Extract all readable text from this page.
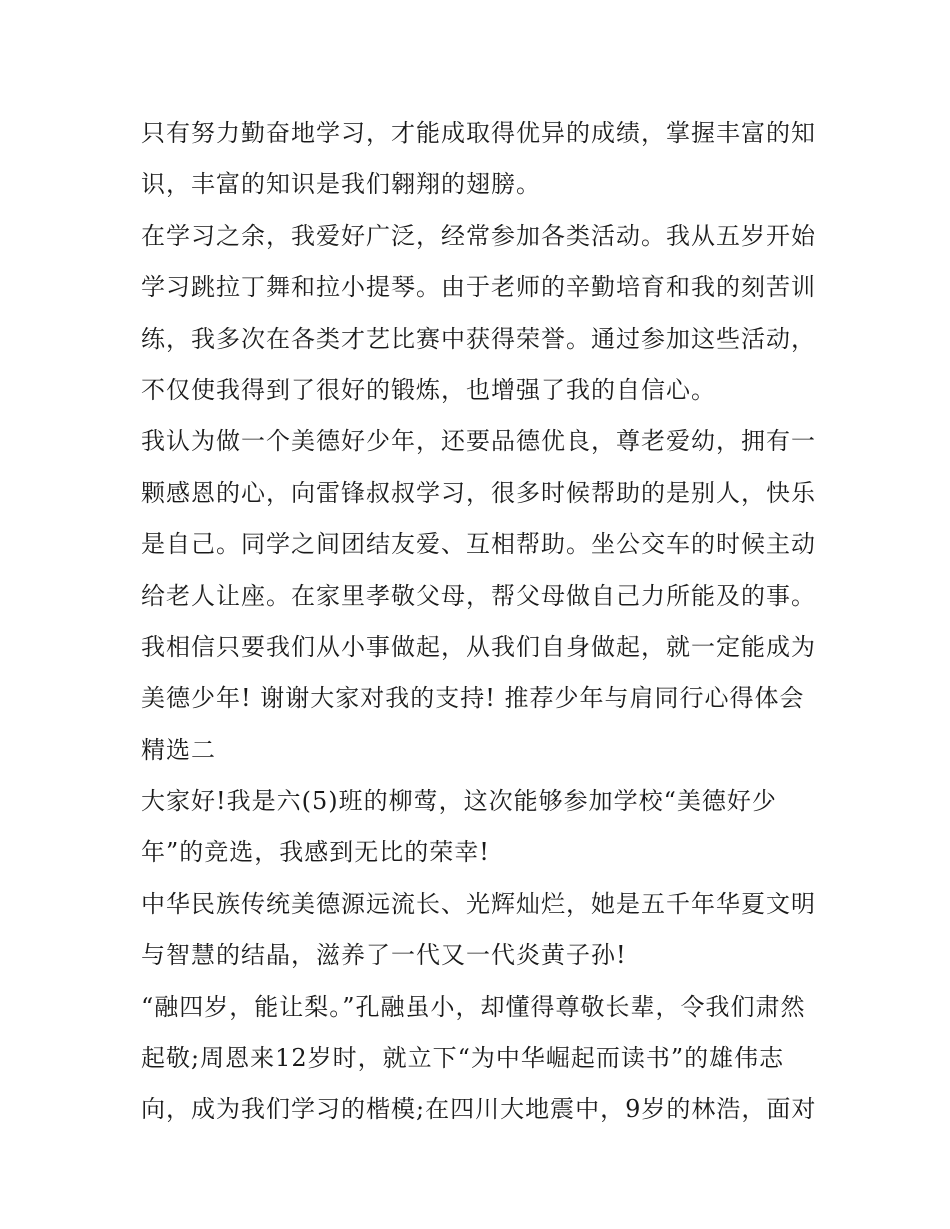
只有努力勤奋地学习，才能成取得优异的成绩，掌握丰富的知
识，丰富的知识是我们翱翔的翅膀。
在学习之余，我爱好广泛，经常参加各类活动。我从五岁开始
学习跳拉丁舞和拉小提琴。由于老师的辛勤培育和我的刻苦训
练，我多次在各类才艺比赛中获得荣誉。通过参加这些活动，
不仅使我得到了很好的锻炼，也增强了我的自信心。
我认为做一个美德好少年，还要品德优良，尊老爱幼，拥有一
颗感恩的心，向雷锋叔叔学习，很多时候帮助的是别人，快乐
是自己。同学之间团结友爱、互相帮助。坐公交车的时候主动
给老人让座。在家里孝敬父母，帮父母做自己力所能及的事。
我相信只要我们从小事做起，从我们自身做起，就一定能成为
美德少年! 谢谢大家对我的支持! 推荐少年与肩同行心得体会
精选二
大家好!我是六(5)班的柳莺，这次能够参加学校“美德好少
年”的竞选，我感到无比的荣幸!
中华民族传统美德源远流长、光辉灿烂，她是五千年华夏文明
与智慧的结晶，滋养了一代又一代炎黄子孙!
“融四岁，能让梨。”孔融虽小，却懂得尊敬长辈，令我们肃然
起敬;周恩来12岁时，就立下“为中华崛起而读书”的雄伟志
向，成为我们学习的楷模;在四川大地震中，9岁的林浩，面对
